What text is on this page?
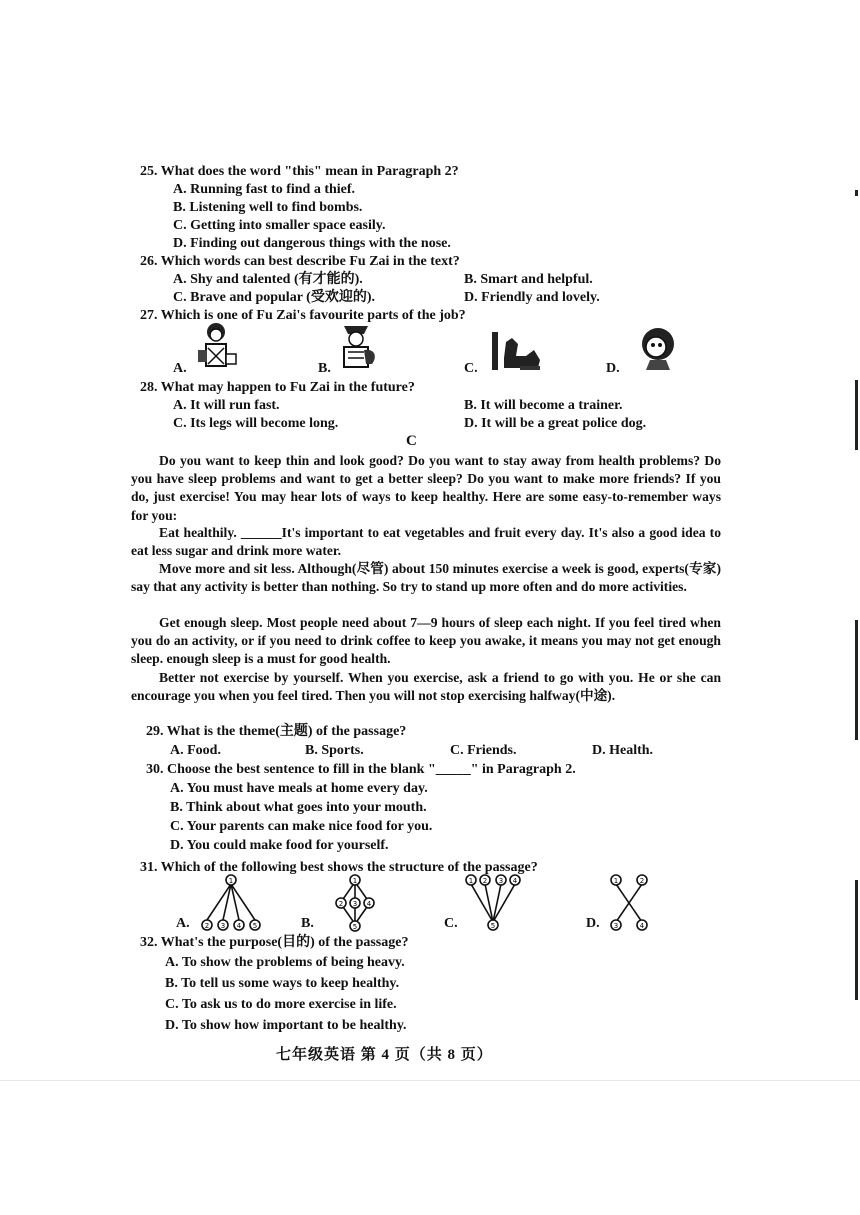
25. What does the word "this" mean in Paragraph 2?
A. Running fast to find a thief.
B. Listening well to find bombs.
C. Getting into smaller space easily.
D. Finding out dangerous things with the nose.
26. Which words can best describe Fu Zai in the text?
A. Shy and talented (有才能的).	B. Smart and helpful.
C. Brave and popular (受欢迎的).	D. Friendly and lovely.
27. Which is one of Fu Zai's favourite parts of the job?
A.	B.	C.	D.
28. What may happen to Fu Zai in the future?
A. It will run fast.	B. It will become a trainer.
C. Its legs will become long.	D. It will be a great police dog.
C
Do you want to keep thin and look good? Do you want to stay away from health problems? Do you have sleep problems and want to get a better sleep? Do you want to make more friends? If you do, just exercise! You may hear lots of ways to keep healthy. Here are some easy-to-remember ways for you:
Eat healthily. ______It's important to eat vegetables and fruit every day. It's also a good idea to eat less sugar and drink more water.
Move more and sit less. Although(尽管) about 150 minutes exercise a week is good, experts(专家) say that any activity is better than nothing. So try to stand up more often and do more activities.
Get enough sleep. Most people need about 7—9 hours of sleep each night. If you feel tired when you do an activity, or if you need to drink coffee to keep you awake, it means you may not get enough sleep. enough sleep is a must for good health.
Better not exercise by yourself. When you exercise, ask a friend to go with you. He or she can encourage you when you feel tired. Then you will not stop exercising halfway(中途).
29. What is the theme(主题) of the passage?
A. Food.	B. Sports.	C. Friends.	D. Health.
30. Choose the best sentence to fill in the blank "_____" in Paragraph 2.
A. You must have meals at home every day.
B. Think about what goes into your mouth.
C. Your parents can make nice food for you.
D. You could make food for yourself.
31. Which of the following best shows the structure of the passage?
A.
1
2 3 4 5	B.
1
2 3 4
5	C.
1 2 3 4
5	D.
1	2
3	4
32. What's the purpose(目的) of the passage?
A. To show the problems of being heavy.
B. To tell us some ways to keep healthy.
C. To ask us to do more exercise in life.
D. To show how important to be healthy.
七年级英语 第 4 页（共 8 页）
